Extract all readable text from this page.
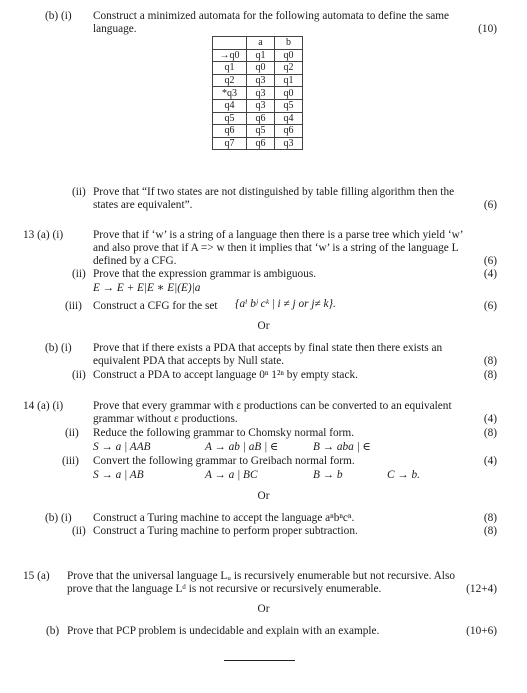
(b) (i) Construct a minimized automata for the following automata to define the same
language.	(10)
	a	b
→q0	q1	q0
q1	q0	q2
q2	q3	q1
*q3	q3	q0
q4	q3	q5
q5	q6	q4
q6	q5	q6
q7	q6	q3
(ii) Prove that “If two states are not distinguished by table filling algorithm then the
states are equivalent”.	(6)
13 (a) (i)	Prove that if ‘w’ is a string of a language then there is a parse tree which yield ‘w’
and also prove that if A => w then it implies that ‘w’ is a string of the language L
defined by a CFG.	(6)
(ii) Prove that the expression grammar is ambiguous.	(4)
E → E + E|E ∗ E|(E)|a
(iii) Construct a CFG for the set {aⁱ bʲ cᵏ | i ≠ j or j≠ k}.	(6)
Or
(b) (i) Prove that if there exists a PDA that accepts by final state then there exists an
equivalent PDA that accepts by Null state.	(8)
(ii) Construct a PDA to accept language 0ⁿ 1²ⁿ by empty stack.	(8)
14 (a) (i)	Prove that every grammar with ε productions can be converted to an equivalent
grammar without ε productions.	(4)
(ii) Reduce the following grammar to Chomsky normal form.	(8)
S → a | AAB	A → ab | aB | ∈	B → aba | ∈
(iii) Convert the following grammar to Greibach normal form.	(4)
S → a | AB	A → a | BC	B → b	C → b.
Or
(b) (i) Construct a Turing machine to accept the language aⁿbⁿcⁿ.	(8)
(ii) Construct a Turing machine to perform proper subtraction.	(8)
15 (a) Prove that the universal language Lᵤ is recursively enumerable but not recursive. Also
prove that the language Lᵈ is not recursive or recursively enumerable.	(12+4)
Or
(b) Prove that PCP problem is undecidable and explain with an example.	(10+6)
